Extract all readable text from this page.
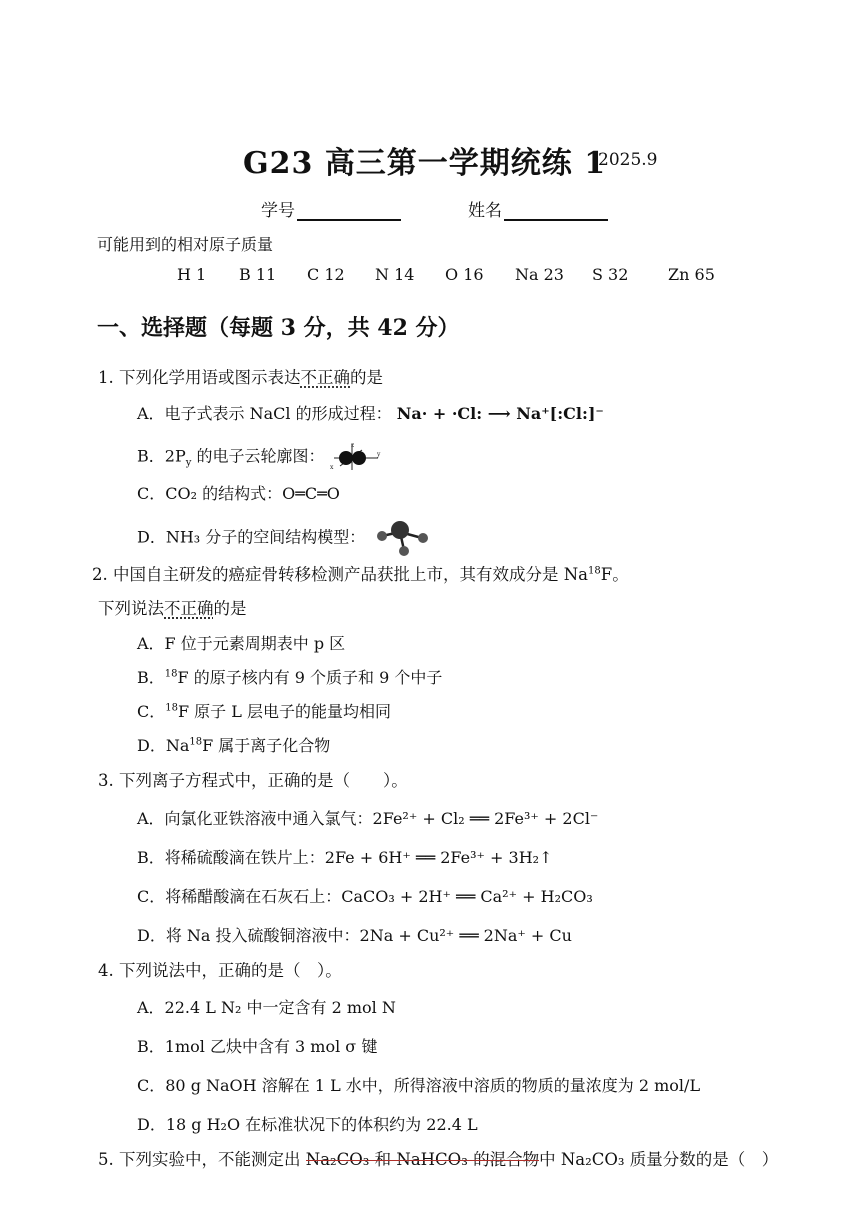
G23 高三第一学期统练 1
2025.9
学号	姓名
可能用到的相对原子质量
H 1 B 11 C 12 N 14 O 16 Na 23 S 32 Zn 65
一、选择题（每题 3 分，共 42 分）
1. 下列化学用语或图示表达不正确的是
A．电子式表示 NaCl 的形成过程： Na· + ·Cl: ⟶ Na⁺[:Cl:]⁻
B．$2P_y$ 的电子云轮廓图：
x
y
z
C．CO₂ 的结构式：O═C═O
D．NH₃ 分子的空间结构模型：
2. 中国自主研发的癌症骨转移检测产品获批上市，其有效成分是 Na$^{18}$F。
下列说法不正确的是
A．F 位于元素周期表中 p 区
B．$^{18}$F 的原子核内有 9 个质子和 9 个中子
C．$^{18}$F 原子 L 层电子的能量均相同
D．Na$^{18}$F 属于离子化合物
3. 下列离子方程式中，正确的是（　　）。
A．向氯化亚铁溶液中通入氯气：2Fe²⁺ + Cl₂ ══ 2Fe³⁺ + 2Cl⁻
B．将稀硫酸滴在铁片上：2Fe + 6H⁺ ══ 2Fe³⁺ + 3H₂↑
C．将稀醋酸滴在石灰石上：CaCO₃ + 2H⁺ ══ Ca²⁺ + H₂CO₃
D．将 Na 投入硫酸铜溶液中：2Na + Cu²⁺ ══ 2Na⁺ + Cu
4. 下列说法中，正确的是（　）。
A．22.4 L N₂ 中一定含有 2 mol N
B．1mol 乙炔中含有 3 mol σ 键
C．80 g NaOH 溶解在 1 L 水中，所得溶液中溶质的物质的量浓度为 2 mol/L
D．18 g H₂O 在标准状况下的体积约为 22.4 L
5. 下列实验中，不能测定出 Na₂CO₃ 和 NaHCO₃ 的混合物中 Na₂CO₃ 质量分数的是（　）
